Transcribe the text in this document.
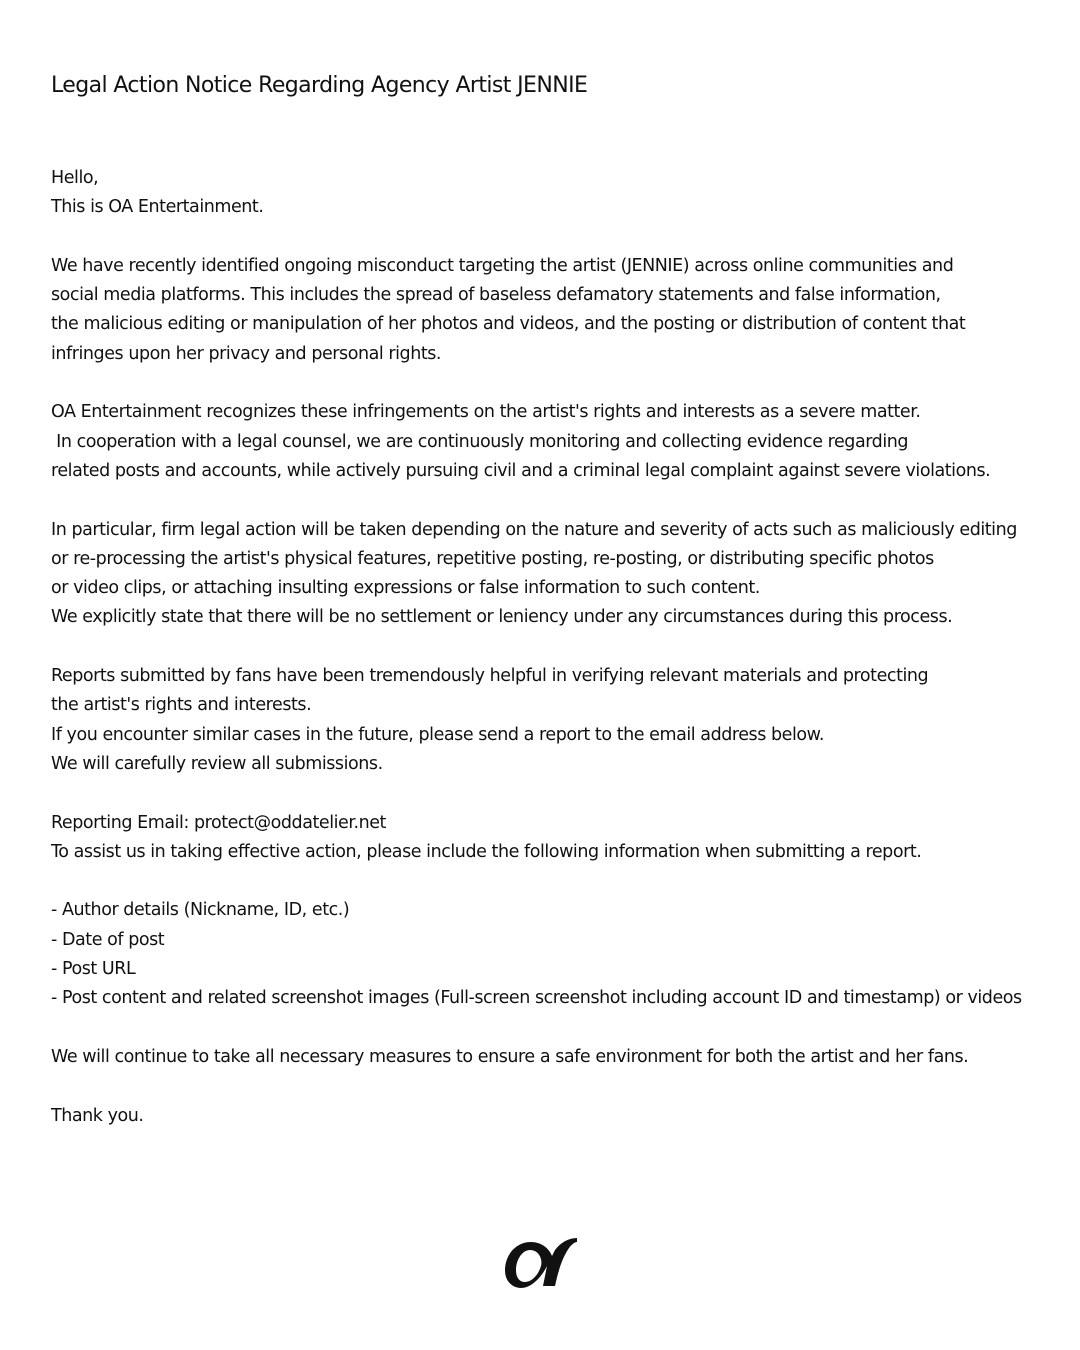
Legal Action Notice Regarding Agency Artist JENNIE

Hello,
This is OA Entertainment.

We have recently identified ongoing misconduct targeting the artist (JENNIE) across online communities and
social media platforms. This includes the spread of baseless defamatory statements and false information,
the malicious editing or manipulation of her photos and videos, and the posting or distribution of content that
infringes upon her privacy and personal rights.

OA Entertainment recognizes these infringements on the artist's rights and interests as a severe matter.
In cooperation with a legal counsel, we are continuously monitoring and collecting evidence regarding
related posts and accounts, while actively pursuing civil and a criminal legal complaint against severe violations.

In particular, firm legal action will be taken depending on the nature and severity of acts such as maliciously editing
or re-processing the artist's physical features, repetitive posting, re-posting, or distributing specific photos
or video clips, or attaching insulting expressions or false information to such content.
We explicitly state that there will be no settlement or leniency under any circumstances during this process.

Reports submitted by fans have been tremendously helpful in verifying relevant materials and protecting
the artist's rights and interests.
If you encounter similar cases in the future, please send a report to the email address below.
We will carefully review all submissions.

Reporting Email: protect@oddatelier.net
To assist us in taking effective action, please include the following information when submitting a report.

- Author details (Nickname, ID, etc.)
- Date of post
- Post URL
- Post content and related screenshot images (Full-screen screenshot including account ID and timestamp) or videos

We will continue to take all necessary measures to ensure a safe environment for both the artist and her fans.

Thank you.
